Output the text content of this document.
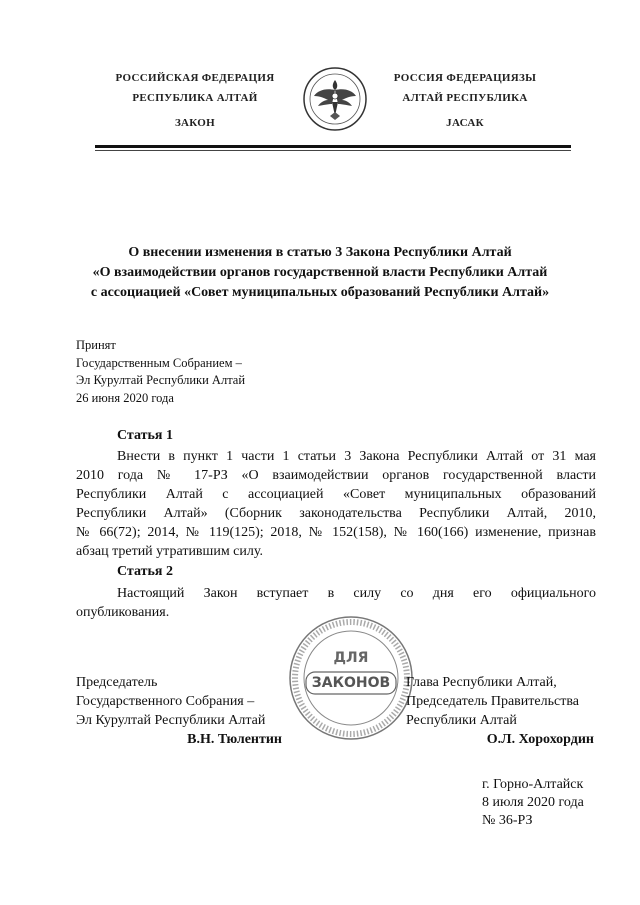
РОССИЙСКАЯ ФЕДЕРАЦИЯ
РЕСПУБЛИКА АЛТАЙ
ЗАКОН
РОССИЯ ФЕДЕРАЦИЯЗЫ
АЛТАЙ РЕСПУБЛИКА
JАСАК
О внесении изменения в статью 3 Закона Республики Алтай
«О взаимодействии органов государственной власти Республики Алтай
с ассоциацией «Совет муниципальных образований Республики Алтай»
Принят
Государственным Собранием –
Эл Курултай Республики Алтай
26 июня 2020 года
Статья 1
Внести в пункт 1 части 1 статьи 3 Закона Республики Алтай от 31 мая
2010 года № 17-РЗ «О взаимодействии органов государственной власти
Республики Алтай с ассоциацией «Совет муниципальных образований
Республики Алтай» (Сборник законодательства Республики Алтай, 2010,
№ 66(72); 2014, № 119(125); 2018, № 152(158), № 160(166) изменение, признав
абзац третий утратившим силу.
Статья 2
Настоящий Закон вступает в силу со дня его официального
опубликования.
ДЛЯ
ЗАКОНОВ
Председатель
Государственного Собрания –
Эл Курултай Республики Алтай
В.Н. Тюлентин
Глава Республики Алтай,
Председатель Правительства
Республики Алтай
О.Л. Хорохордин
г. Горно-Алтайск
8 июля 2020 года
№ 36-РЗ
